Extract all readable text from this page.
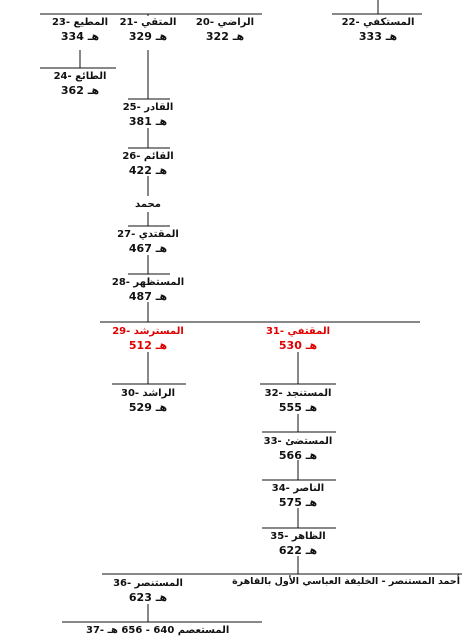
23- المطيع
334 هـ
21- المتقي
329 هـ
20- الراضي
322 هـ
22- المستكفي
333 هـ
24- الطائع
362 هـ
25- القادر
381 هـ
26- القائم
422 هـ
محمد
27- المقتدي
467 هـ
28- المستظهر
487 هـ
29- المسترشد
512 هـ
31- المقتفي
530 هـ
30- الراشد
529 هـ
32- المستنجد
555 هـ
33- المستضئ
566 هـ
34- الناصر
575 هـ
35- الظاهر
622 هـ
36- المستنصر
623 هـ
أحمد المستنصر - الخليفة العباسي الأول بالقاهرة
37- المستعصم 640 - 656 هـ
